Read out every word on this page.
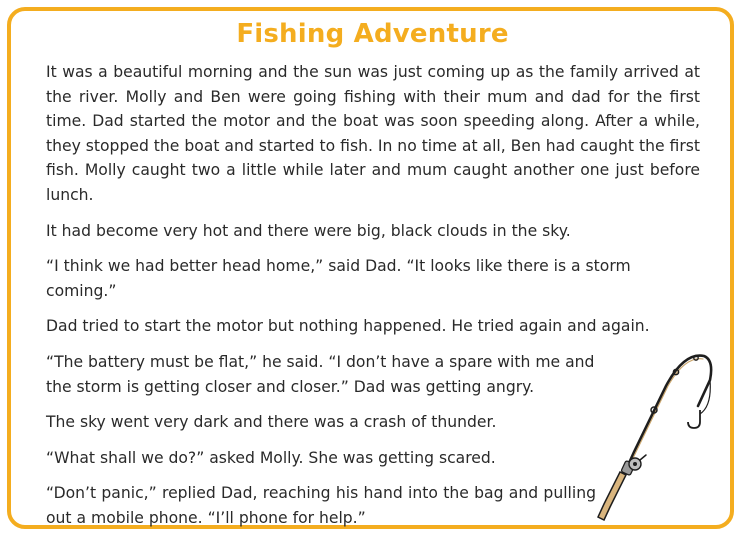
Fishing Adventure

It was a beautiful morning and the sun was just coming up as the family arrived at the river. Molly and Ben were going fishing with their mum and dad for the first time. Dad started the motor and the boat was soon speeding along. After a while, they stopped the boat and started to fish. In no time at all, Ben had caught the first fish. Molly caught two a little while later and mum caught another one just before lunch.

It had become very hot and there were big, black clouds in the sky.

“I think we had better head home,” said Dad. “It looks like there is a storm coming.”

Dad tried to start the motor but nothing happened. He tried again and again.

“The battery must be flat,” he said. “I don’t have a spare with me and the storm is getting closer and closer.” Dad was getting angry.

The sky went very dark and there was a crash of thunder.

“What shall we do?” asked Molly. She was getting scared.

“Don’t panic,” replied Dad, reaching his hand into the bag and pulling out a mobile phone. “I’ll phone for help.”
